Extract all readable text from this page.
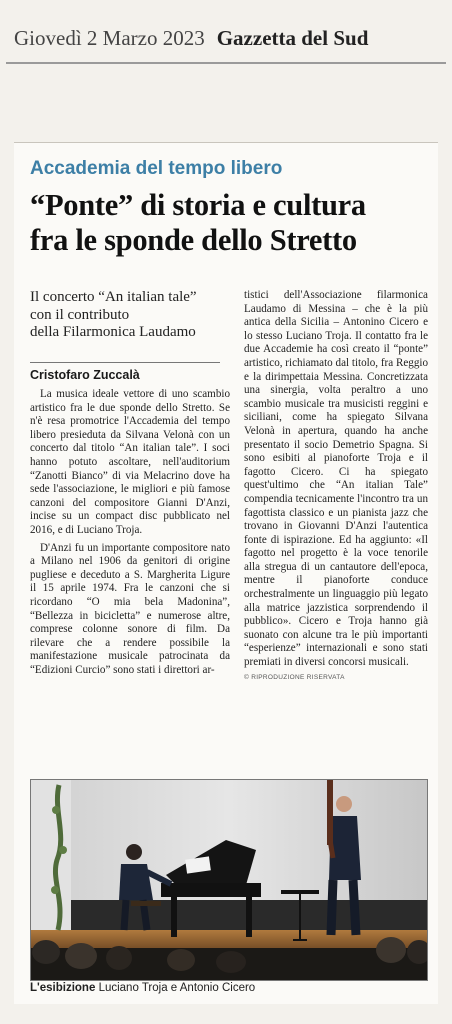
Giovedì 2 Marzo 2023 Gazzetta del Sud
Accademia del tempo libero
“Ponte” di storia e cultura
fra le sponde dello Stretto
Il concerto “An italian tale”
con il contributo
della Filarmonica Laudamo
Cristofaro Zuccalà

La musica ideale vettore di uno scambio artistico fra le due sponde dello Stretto. Se n'è resa promotrice l'Accademia del tempo libero presieduta da Silvana Velonà con un concerto dal titolo “An italian tale”. I soci hanno potuto ascoltare, nell'auditorium “Zanotti Bianco” di via Melacrino dove ha sede l'associazione, le migliori e più famose canzoni del compositore Gianni D'Anzi, incise su un compact disc pubblicato nel 2016, e di Luciano Troja.

D'Anzi fu un importante compositore nato a Milano nel 1906 da genitori di origine pugliese e deceduto a S. Margherita Ligure il 15 aprile 1974. Fra le canzoni che si ricordano “O mia bela Madonina”, “Bellezza in bicicletta” e numerose altre, comprese colonne sonore di film. Da rilevare che a rendere possibile la manifestazione musicale patrocinata da “Edizioni Curcio” sono stati i direttori ar-

tistici dell'Associazione filarmonica Laudamo di Messina – che è la più antica della Sicilia – Antonino Cicero e lo stesso Luciano Troja. Il contatto fra le due Accademie ha così creato il “ponte” artistico, richiamato dal titolo, fra Reggio e la dirimpettaia Messina. Concretizzata una sinergia, volta peraltro a uno scambio musicale tra musicisti reggini e siciliani, come ha spiegato Silvana Velonà in apertura, quando ha anche presentato il socio Demetrio Spagna. Si sono esibiti al pianoforte Troja e il fagotto Cicero. Ci ha spiegato quest'ultimo che “An italian Tale” compendia tecnicamente l'incontro tra un fagottista classico e un pianista jazz che trovano in Giovanni D'Anzi l'autentica fonte di ispirazione. Ed ha aggiunto: «Il fagotto nel progetto è la voce tenorile alla stregua di un cantautore dell'epoca, mentre il pianoforte conduce orchestralmente un linguaggio più legato alla matrice jazzistica sorprendendo il pubblico». Cicero e Troja hanno già suonato con alcune tra le più importanti “esperienze” internazionali e sono stati premiati in diversi concorsi musicali.

© RIPRODUZIONE RISERVATA
L'esibizione Luciano Troja e Antonio Cicero
